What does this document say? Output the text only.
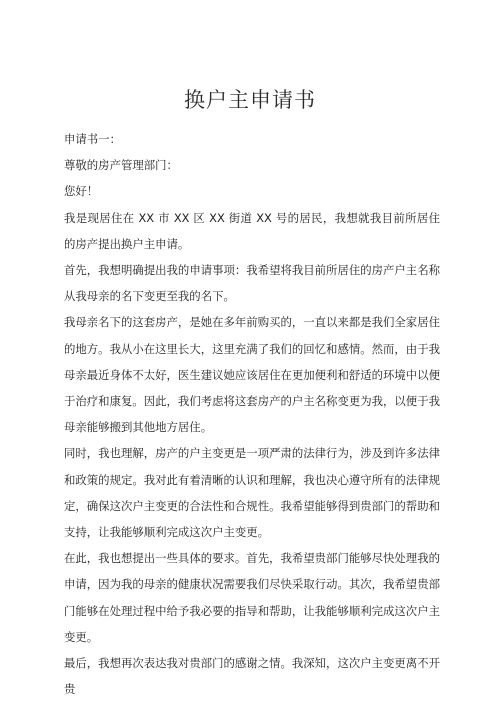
换户主申请书

申请书一：

尊敬的房产管理部门：

您好！

我是现居住在 XX 市 XX 区 XX 街道 XX 号的居民，我想就我目前所居住的房产提出换户主申请。

首先，我想明确提出我的申请事项：我希望将我目前所居住的房产户主名称从我母亲的名下变更至我的名下。

我母亲名下的这套房产，是她在多年前购买的，一直以来都是我们全家居住的地方。我从小在这里长大，这里充满了我们的回忆和感情。然而，由于我母亲最近身体不太好，医生建议她应该居住在更加便利和舒适的环境中以便于治疗和康复。因此，我们考虑将这套房产的户主名称变更为我，以便于我母亲能够搬到其他地方居住。

同时，我也理解，房产的户主变更是一项严肃的法律行为，涉及到许多法律和政策的规定。我对此有着清晰的认识和理解，我也决心遵守所有的法律规定，确保这次户主变更的合法性和合规性。我希望能够得到贵部门的帮助和支持，让我能够顺利完成这次户主变更。

在此，我也想提出一些具体的要求。首先，我希望贵部门能够尽快处理我的申请，因为我的母亲的健康状况需要我们尽快采取行动。其次，我希望贵部门能够在处理过程中给予我必要的指导和帮助，让我能够顺利完成这次户主变更。

最后，我想再次表达我对贵部门的感谢之情。我深知，这次户主变更离不开贵
